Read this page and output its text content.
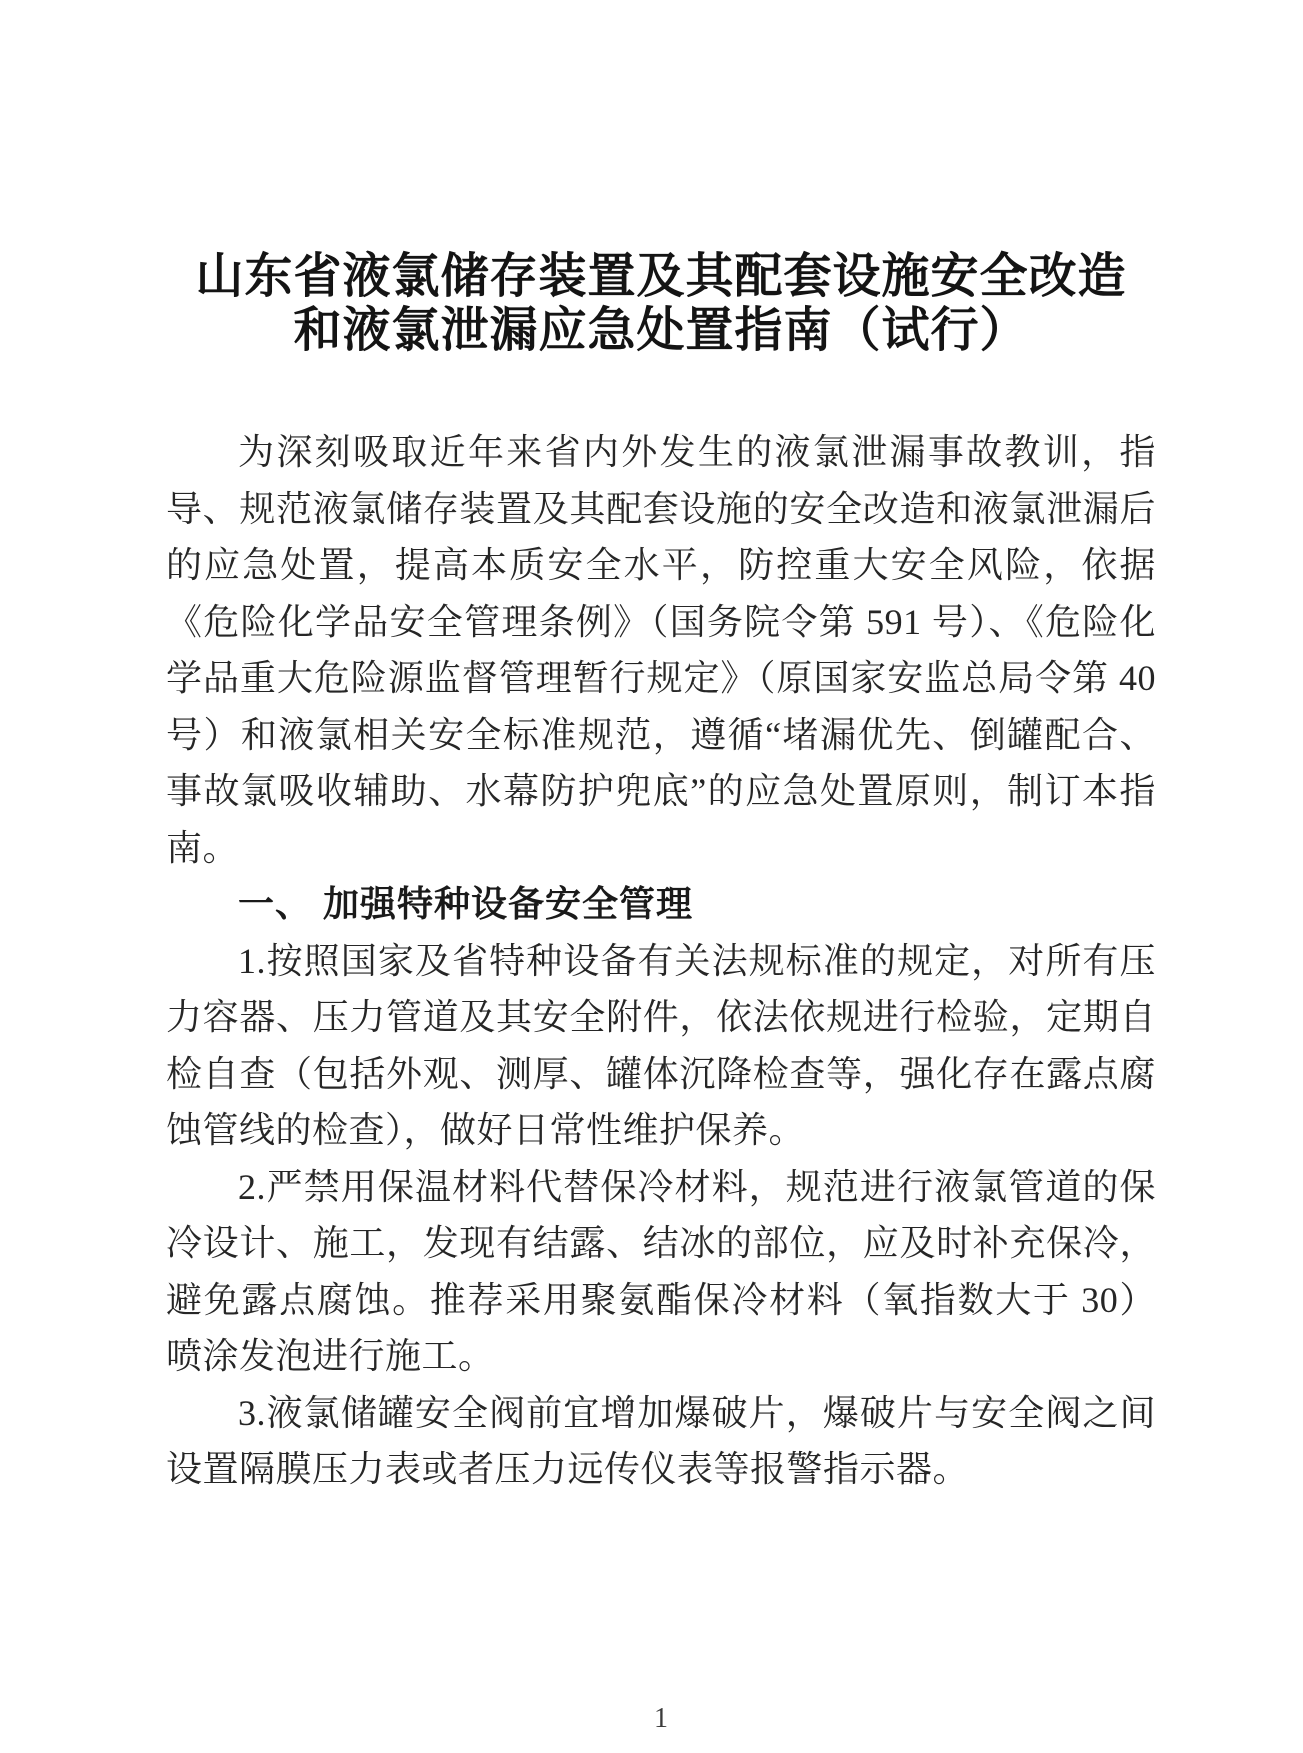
山东省液氯储存装置及其配套设施安全改造
和液氯泄漏应急处置指南（试行）

为深刻吸取近年来省内外发生的液氯泄漏事故教训，指导、规范液氯储存装置及其配套设施的安全改造和液氯泄漏后的应急处置，提高本质安全水平，防控重大安全风险，依据《危险化学品安全管理条例》（国务院令第 591 号）、《危险化学品重大危险源监督管理暂行规定》（原国家安监总局令第 40 号）和液氯相关安全标准规范，遵循“堵漏优先、倒罐配合、事故氯吸收辅助、水幕防护兜底”的应急处置原则，制订本指南。

一、 加强特种设备安全管理

1.按照国家及省特种设备有关法规标准的规定，对所有压力容器、压力管道及其安全附件，依法依规进行检验，定期自检自查（包括外观、测厚、罐体沉降检查等，强化存在露点腐蚀管线的检查），做好日常性维护保养。

2.严禁用保温材料代替保冷材料，规范进行液氯管道的保冷设计、施工，发现有结露、结冰的部位，应及时补充保冷，避免露点腐蚀。推荐采用聚氨酯保冷材料（氧指数大于 30）喷涂发泡进行施工。

3.液氯储罐安全阀前宜增加爆破片，爆破片与安全阀之间设置隔膜压力表或者压力远传仪表等报警指示器。

1
